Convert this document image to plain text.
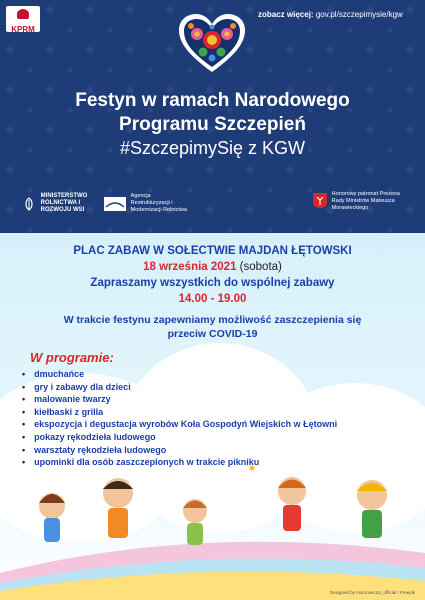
KPRM
zobacz więcej: gov.pl/szczepimysie/kgw
Festyn w ramach Narodowego
Programu Szczepień
#SzczepimySię z KGW
MINISTERSTWO ROLNICTWA I ROZWOJU WSI
Agencja Restrukturyzacji i Modernizacji Rolnictwa
Honorowy patronat Prezesa Rady Ministrów Mateusza Morawieckiego
PLAC ZABAW W SOŁECTWIE MAJDAN ŁĘTOWSKI
18 września 2021 (sobota)
Zapraszamy wszystkich do wspólnej zabawy
14.00 - 19.00
W trakcie festynu zapewniamy możliwość zaszczepienia się
przeciw COVID-19
W programie:
• dmuchańce
• gry i zabawy dla dzieci
• malowanie twarzy
• kiełbaski z grilla
• ekspozycja i degustacja wyrobów Koła Gospodyń Wiejskich w Łętowni
• pokazy rękodzieła ludowego
• warsztaty rękodzieła ludowego
• upominki dla osób zaszczepionych w trakcie pikniku
Designed by macrovector_official / Freepik
